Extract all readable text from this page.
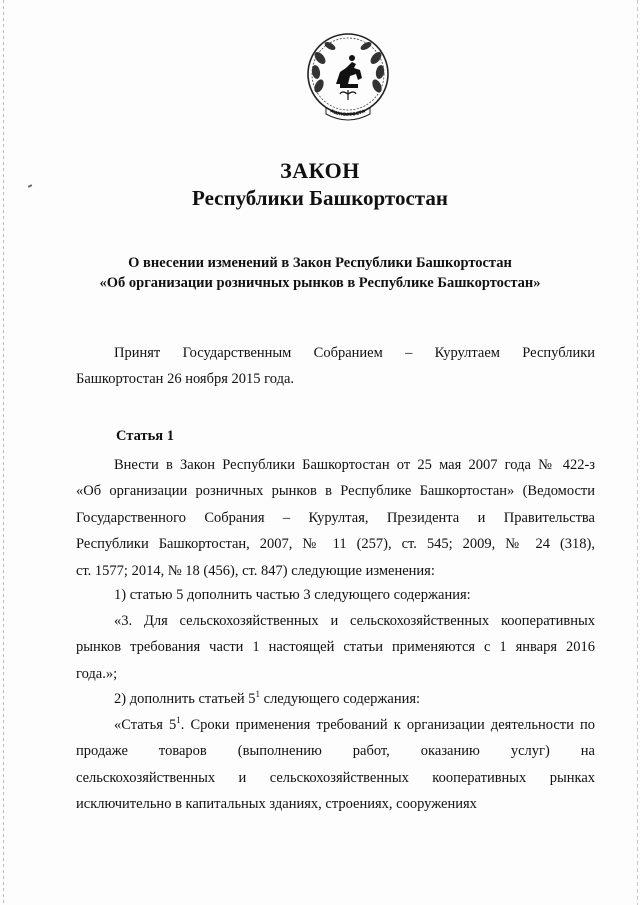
АШКОРТОСТА
ЗАКОН
Республики Башкортостан
О внесении изменений в Закон Республики Башкортостан
«Об организации розничных рынков в Республике Башкортостан»
Принят Государственным Собранием – Курултаем Республики
Башкортостан 26 ноября 2015 года.
Статья 1
Внести в Закон Республики Башкортостан от 25 мая 2007 года № 422-з
«Об организации розничных рынков в Республике Башкортостан» (Ведомости
Государственного Собрания – Курултая, Президента и Правительства
Республики Башкортостан, 2007, № 11 (257), ст. 545; 2009, № 24 (318),
ст. 1577; 2014, № 18 (456), ст. 847) следующие изменения:
1) статью 5 дополнить частью 3 следующего содержания:
«3. Для сельскохозяйственных и сельскохозяйственных кооперативных
рынков требования части 1 настоящей статьи применяются с 1 января 2016
года.»;
2) дополнить статьей $5^1$ следующего содержания:
«Статья $5^1$. Сроки применения требований к организации деятельности по
продаже товаров (выполнению работ, оказанию услуг) на
сельскохозяйственных и сельскохозяйственных кооперативных рынках
исключительно в капитальных зданиях, строениях, сооружениях
